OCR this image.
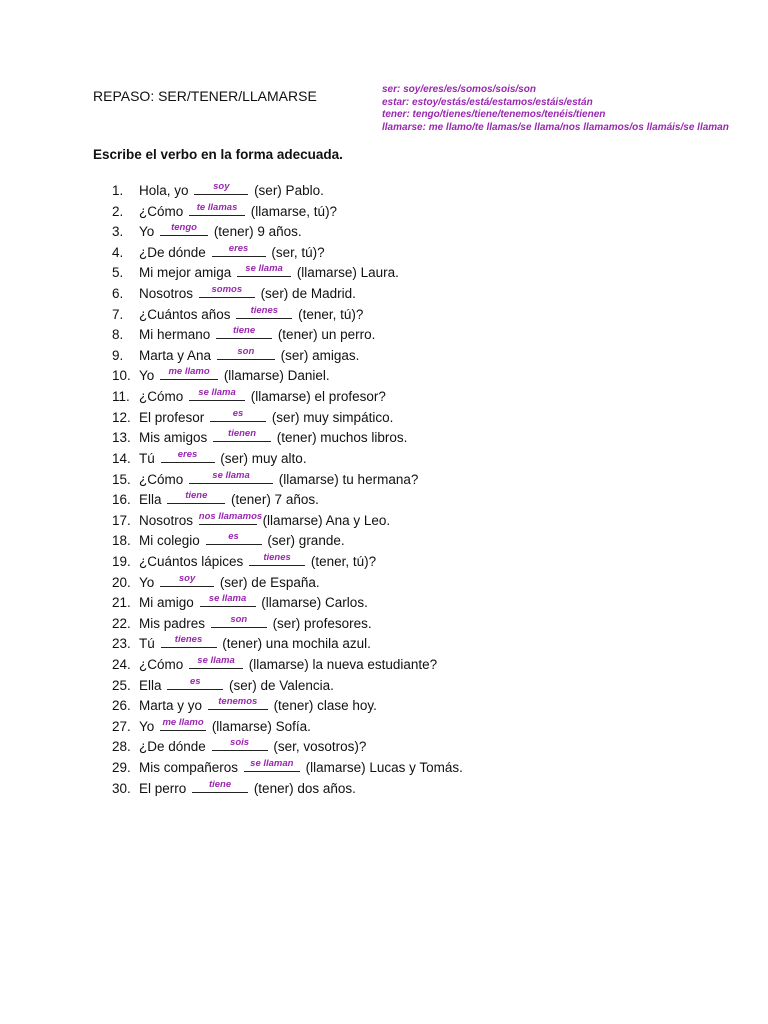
REPASO: SER/TENER/LLAMARSE	ser: soy/eres/es/somos/sois/son
estar: estoy/estás/está/estamos/estáis/están
tener: tengo/tienes/tiene/tenemos/tenéis/tienen
llamarse: me llamo/te llamas/se llama/nos llamamos/os llamáis/se llaman
Escribe el verbo en la forma adecuada.
1. Hola, yo	soy	(ser) Pablo.
2. ¿Cómo	te llamas (llamarse, tú)?
3. Yo	tengo	(tener) 9 años.
4. ¿De dónde	eres	(ser, tú)?
5. Mi mejor amiga	se llama	(llamarse) Laura.
6. Nosotros	somos	(ser) de Madrid.
7. ¿Cuántos años	tienes	(tener, tú)?
8. Mi hermano	tiene	(tener) un perro.
9. Marta y Ana	son	(ser) amigas.
10. Yo	me llamo	(llamarse) Daniel.
11. ¿Cómo	se llama	(llamarse) el profesor?
12. El profesor	es	(ser) muy simpático.
13. Mis amigos	tienen	(tener) muchos libros.
14. Tú	eres	(ser) muy alto.
15. ¿Cómo	se llama	(llamarse) tu hermana?
16. Ella	tiene	(tener) 7 años.
17. Nosotros nos llamamos (llamarse) Ana y Leo.
18. Mi colegio	es	(ser) grande.
19. ¿Cuántos lápices	tienes	(tener, tú)?
20. Yo	soy	(ser) de España.
21. Mi amigo	se llama	(llamarse) Carlos.
22. Mis padres	son	(ser) profesores.
23. Tú	tienes	(tener) una mochila azul.
24. ¿Cómo	se llama	(llamarse) la nueva estudiante?
25. Ella	es	(ser) de Valencia.
26. Marta y yo	tenemos	(tener) clase hoy.
27. Yo me llamo (llamarse) Sofía.
28. ¿De dónde	sois	(ser, vosotros)?
29. Mis compañeros	se llaman (llamarse) Lucas y Tomás.
30. El perro	tiene	(tener) dos años.
